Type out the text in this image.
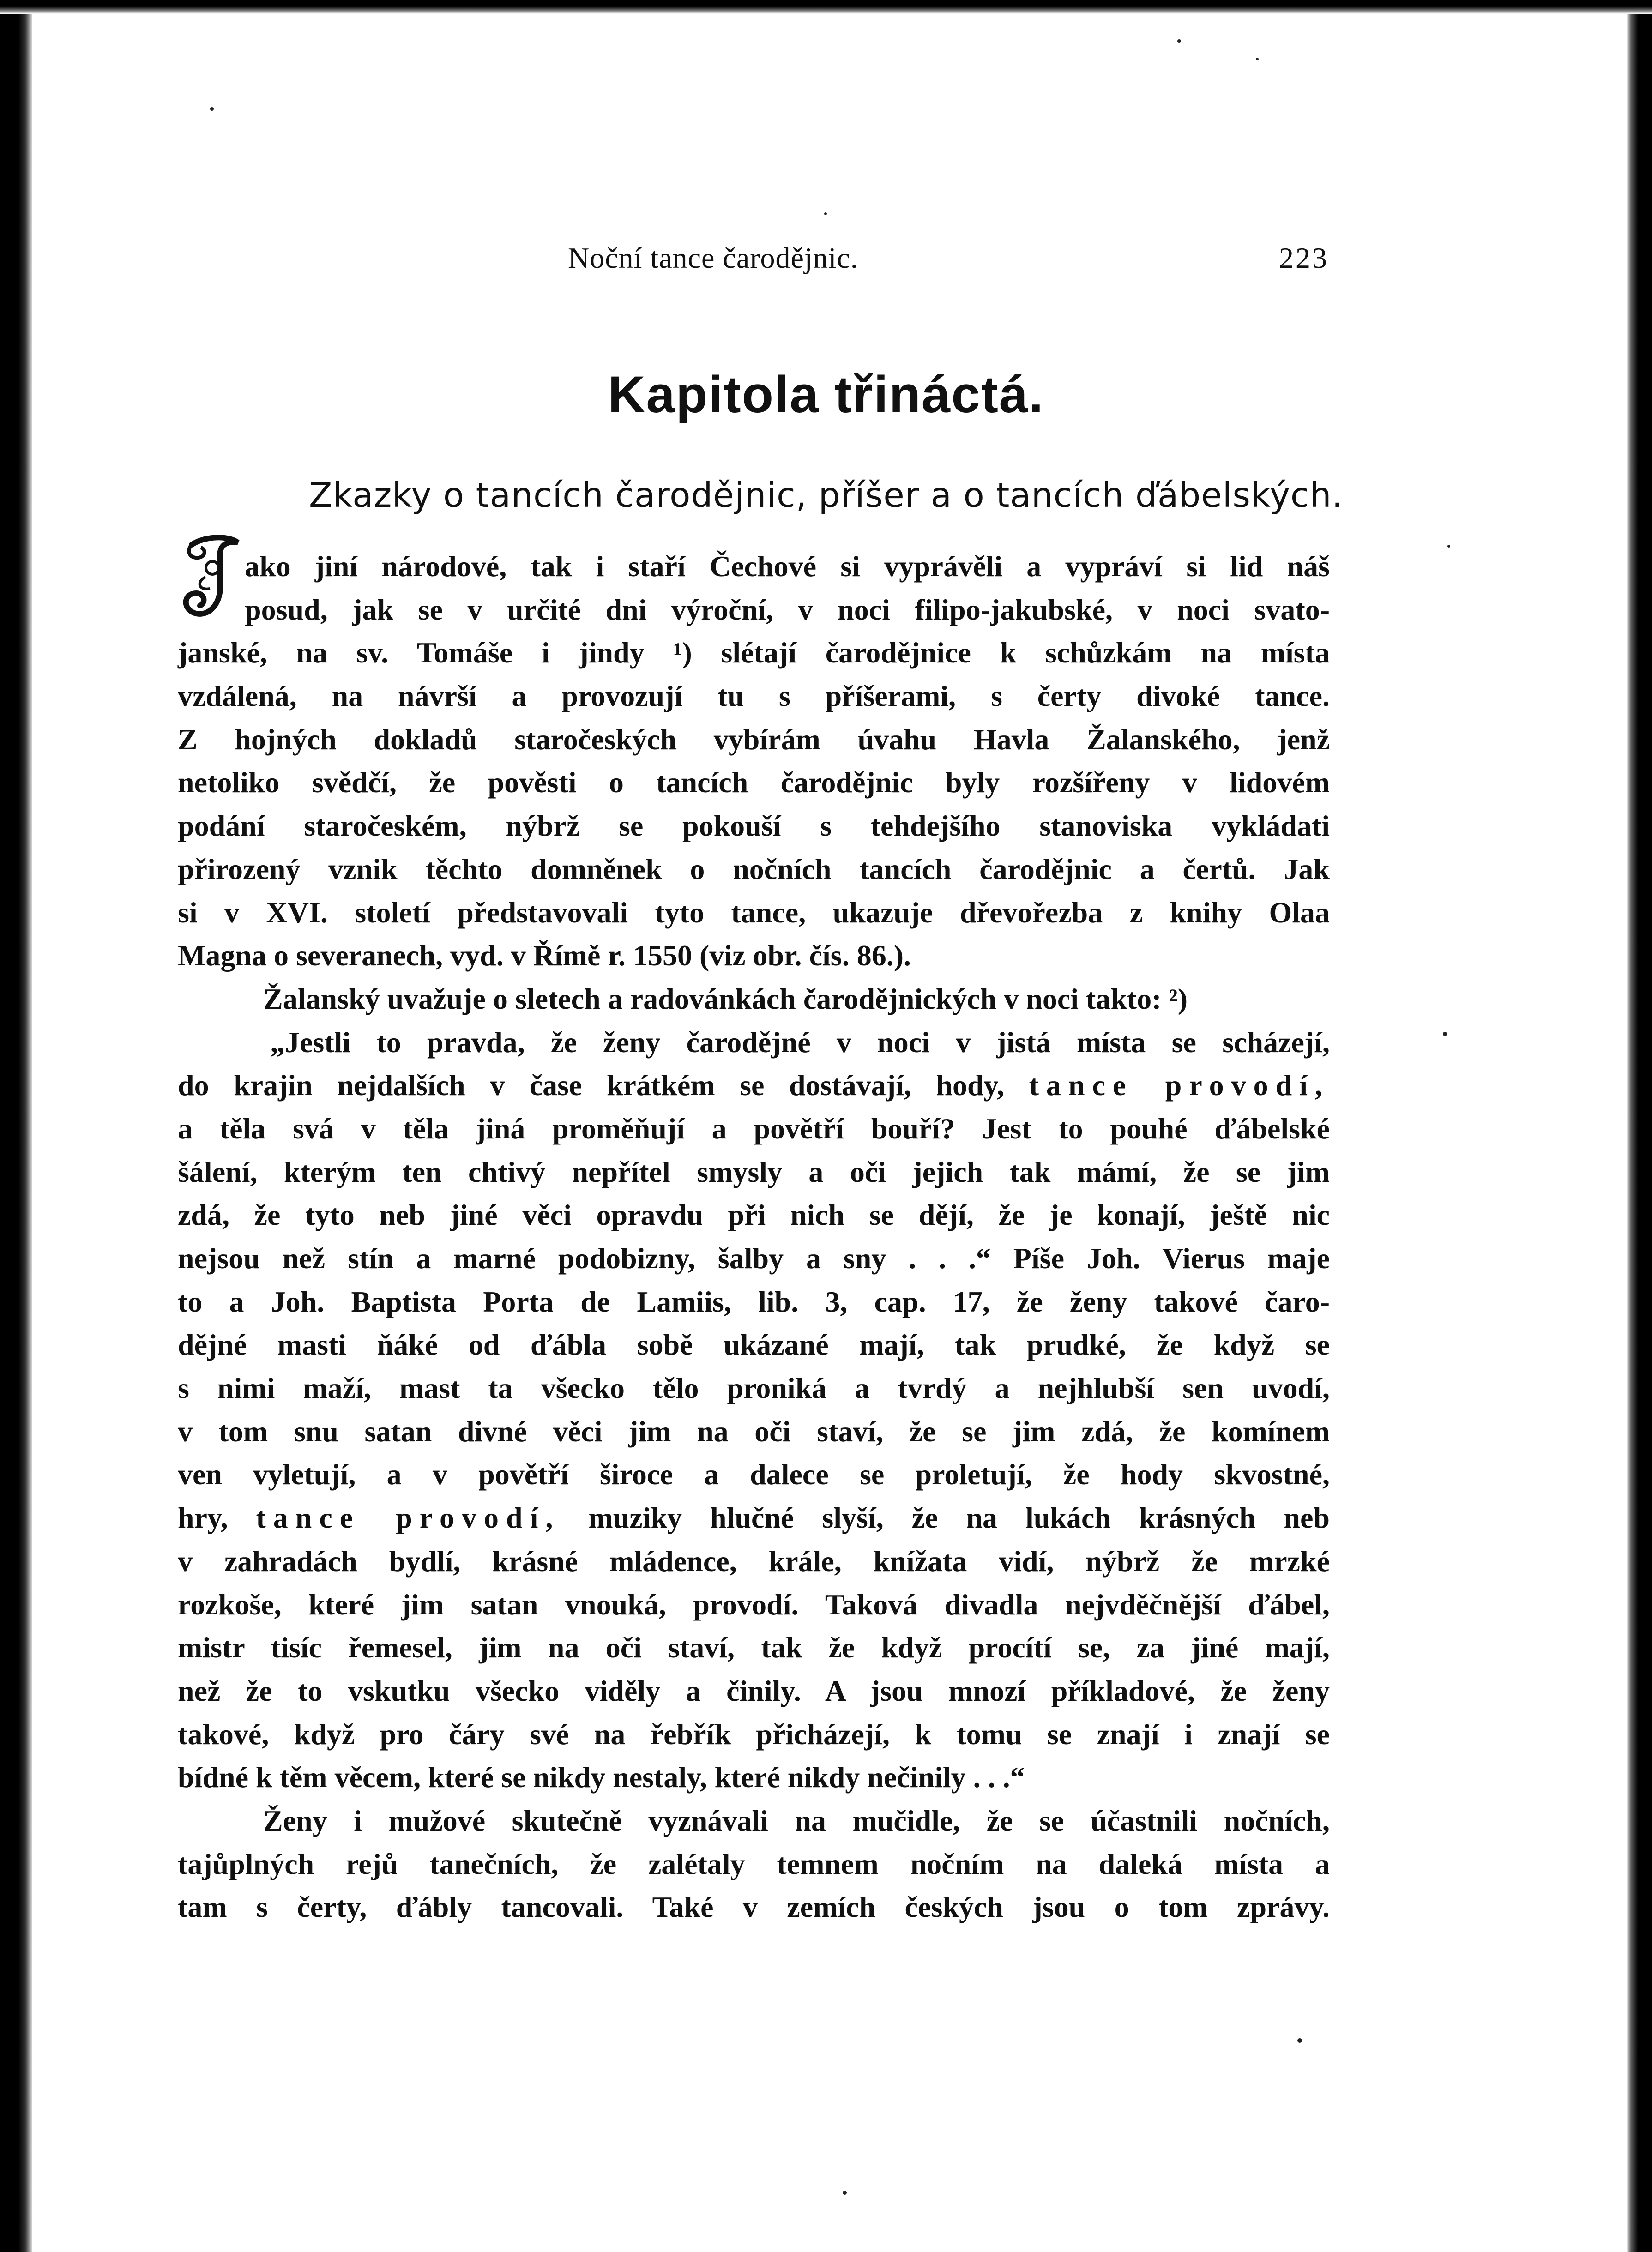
Noční tance čarodějnic.	223
Kapitola třináctá.
Zkazky o tancích čarodějnic, příšer a o tancích ďábelských.
ako jiní národové, tak i staří Čechové si vyprávěli a vypráví si lid náš
posud, jak se v určité dni výroční, v noci filipo-jakubské, v noci svato-
janské, na sv. Tomáše i jindy ¹) slétají čarodějnice k schůzkám na místa
vzdálená, na návrší a provozují tu s příšerami, s čerty divoké tance.
Z hojných dokladů staročeských vybírám úvahu Havla Žalanského, jenž
netoliko svědčí, že pověsti o tancích čarodějnic byly rozšířeny v lidovém
podání staročeském, nýbrž se pokouší s tehdejšího stanoviska vykládati
přirozený vznik těchto domněnek o nočních tancích čarodějnic a čertů. Jak
si v XVI. století představovali tyto tance, ukazuje dřevořezba z knihy Olaa
Magna o severanech, vyd. v Římě r. 1550 (viz obr. čís. 86.).
Žalanský uvažuje o sletech a radovánkách čarodějnických v noci takto: ²)
„Jestli to pravda, že ženy čarodějné v noci v jistá místa se scházejí,
do krajin nejdalších v čase krátkém se dostávají, hody, tance provodí,
a těla svá v těla jiná proměňují a povětří bouří? Jest to pouhé ďábelské
šálení, kterým ten chtivý nepřítel smysly a oči jejich tak mámí, že se jim
zdá, že tyto neb jiné věci opravdu při nich se dějí, že je konají, ještě nic
nejsou než stín a marné podobizny, šalby a sny . . .“ Píše Joh. Vierus maje
to a Joh. Baptista Porta de Lamiis, lib. 3, cap. 17, že ženy takové čaro-
dějné masti ňáké od ďábla sobě ukázané mají, tak prudké, že když se
s nimi maží, mast ta všecko tělo proniká a tvrdý a nejhlubší sen uvodí,
v tom snu satan divné věci jim na oči staví, že se jim zdá, že komínem
ven vyletují, a v povětří široce a dalece se proletují, že hody skvostné,
hry, tance provodí, muziky hlučné slyší, že na lukách krásných neb
v zahradách bydlí, krásné mládence, krále, knížata vidí, nýbrž že mrzké
rozkoše, které jim satan vnouká, provodí. Taková divadla nejvděčnější ďábel,
mistr tisíc řemesel, jim na oči staví, tak že když procítí se, za jiné mají,
než že to vskutku všecko viděly a činily. A jsou mnozí příkladové, že ženy
takové, když pro čáry své na řebřík přicházejí, k tomu se znají i znají se
bídné k těm věcem, které se nikdy nestaly, které nikdy nečinily . . .“
Ženy i mužové skutečně vyznávali na mučidle, že se účastnili nočních,
tajůplných rejů tanečních, že zalétaly temnem nočním na daleká místa a
tam s čerty, ďábly tancovali. Také v zemích českých jsou o tom zprávy.
